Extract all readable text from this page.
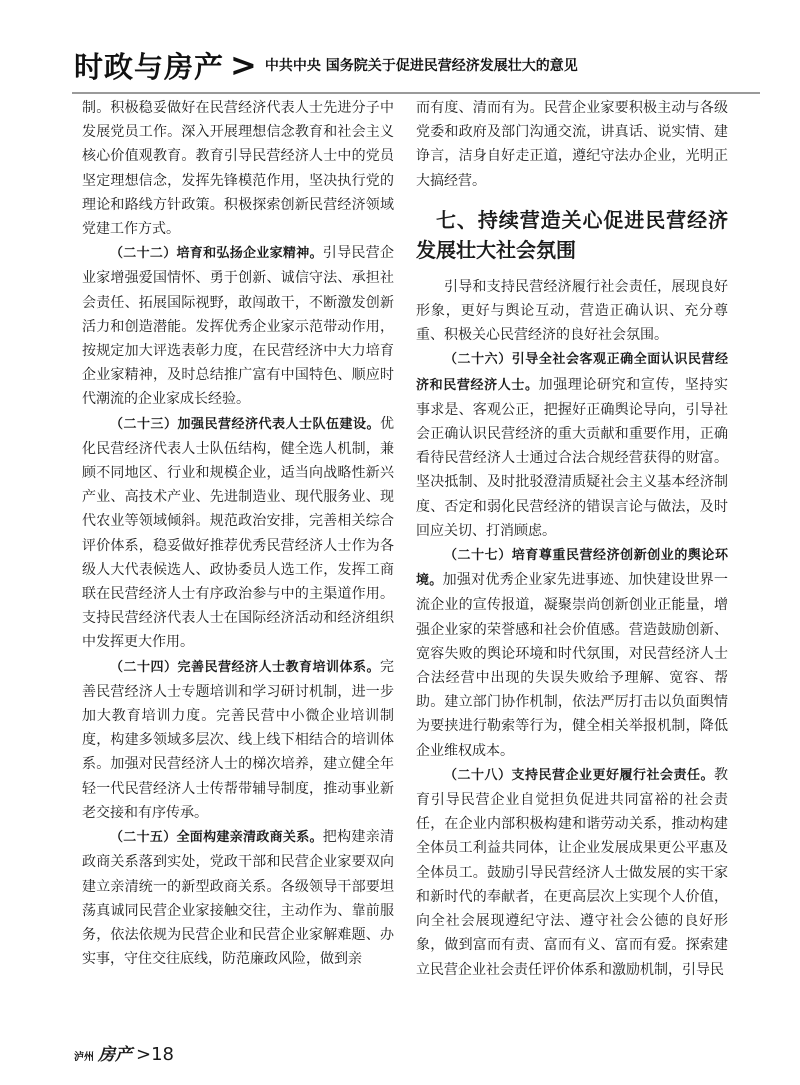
时政与房产 > 中共中央 国务院关于促进民营经济发展壮大的意见

制。积极稳妥做好在民营经济代表人士先进分子中发展党员工作。深入开展理想信念教育和社会主义核心价值观教育。教育引导民营经济人士中的党员坚定理想信念，发挥先锋模范作用，坚决执行党的理论和路线方针政策。积极探索创新民营经济领域党建工作方式。

（二十二）培育和弘扬企业家精神。引导民营企业家增强爱国情怀、勇于创新、诚信守法、承担社会责任、拓展国际视野，敢闯敢干，不断激发创新活力和创造潜能。发挥优秀企业家示范带动作用，按规定加大评选表彰力度，在民营经济中大力培育企业家精神，及时总结推广富有中国特色、顺应时代潮流的企业家成长经验。

（二十三）加强民营经济代表人士队伍建设。优化民营经济代表人士队伍结构，健全选人机制，兼顾不同地区、行业和规模企业，适当向战略性新兴产业、高技术产业、先进制造业、现代服务业、现代农业等领域倾斜。规范政治安排，完善相关综合评价体系，稳妥做好推荐优秀民营经济人士作为各级人大代表候选人、政协委员人选工作，发挥工商联在民营经济人士有序政治参与中的主渠道作用。支持民营经济代表人士在国际经济活动和经济组织中发挥更大作用。

（二十四）完善民营经济人士教育培训体系。完善民营经济人士专题培训和学习研讨机制，进一步加大教育培训力度。完善民营中小微企业培训制度，构建多领域多层次、线上线下相结合的培训体系。加强对民营经济人士的梯次培养，建立健全年轻一代民营经济人士传帮带辅导制度，推动事业新老交接和有序传承。

（二十五）全面构建亲清政商关系。把构建亲清政商关系落到实处，党政干部和民营企业家要双向建立亲清统一的新型政商关系。各级领导干部要坦荡真诚同民营企业家接触交往，主动作为、靠前服务，依法依规为民营企业和民营企业家解难题、办实事，守住交往底线，防范廉政风险，做到亲

而有度、清而有为。民营企业家要积极主动与各级党委和政府及部门沟通交流，讲真话、说实情、建诤言，洁身自好走正道，遵纪守法办企业，光明正大搞经营。

七、持续营造关心促进民营经济发展壮大社会氛围

引导和支持民营经济履行社会责任，展现良好形象，更好与舆论互动，营造正确认识、充分尊重、积极关心民营经济的良好社会氛围。

（二十六）引导全社会客观正确全面认识民营经济和民营经济人士。加强理论研究和宣传，坚持实事求是、客观公正，把握好正确舆论导向，引导社会正确认识民营经济的重大贡献和重要作用，正确看待民营经济人士通过合法合规经营获得的财富。坚决抵制、及时批驳澄清质疑社会主义基本经济制度、否定和弱化民营经济的错误言论与做法，及时回应关切、打消顾虑。

（二十七）培育尊重民营经济创新创业的舆论环境。加强对优秀企业家先进事迹、加快建设世界一流企业的宣传报道，凝聚崇尚创新创业正能量，增强企业家的荣誉感和社会价值感。营造鼓励创新、宽容失败的舆论环境和时代氛围，对民营经济人士合法经营中出现的失误失败给予理解、宽容、帮助。建立部门协作机制，依法严厉打击以负面舆情为要挟进行勒索等行为，健全相关举报机制，降低企业维权成本。

（二十八）支持民营企业更好履行社会责任。教育引导民营企业自觉担负促进共同富裕的社会责任，在企业内部积极构建和谐劳动关系，推动构建全体员工利益共同体，让企业发展成果更公平惠及全体员工。鼓励引导民营经济人士做发展的实干家和新时代的奉献者，在更高层次上实现个人价值，向全社会展现遵纪守法、遵守社会公德的良好形象，做到富而有责、富而有义、富而有爱。探索建立民营企业社会责任评价体系和激励机制，引导民

泸州 房产 >18
